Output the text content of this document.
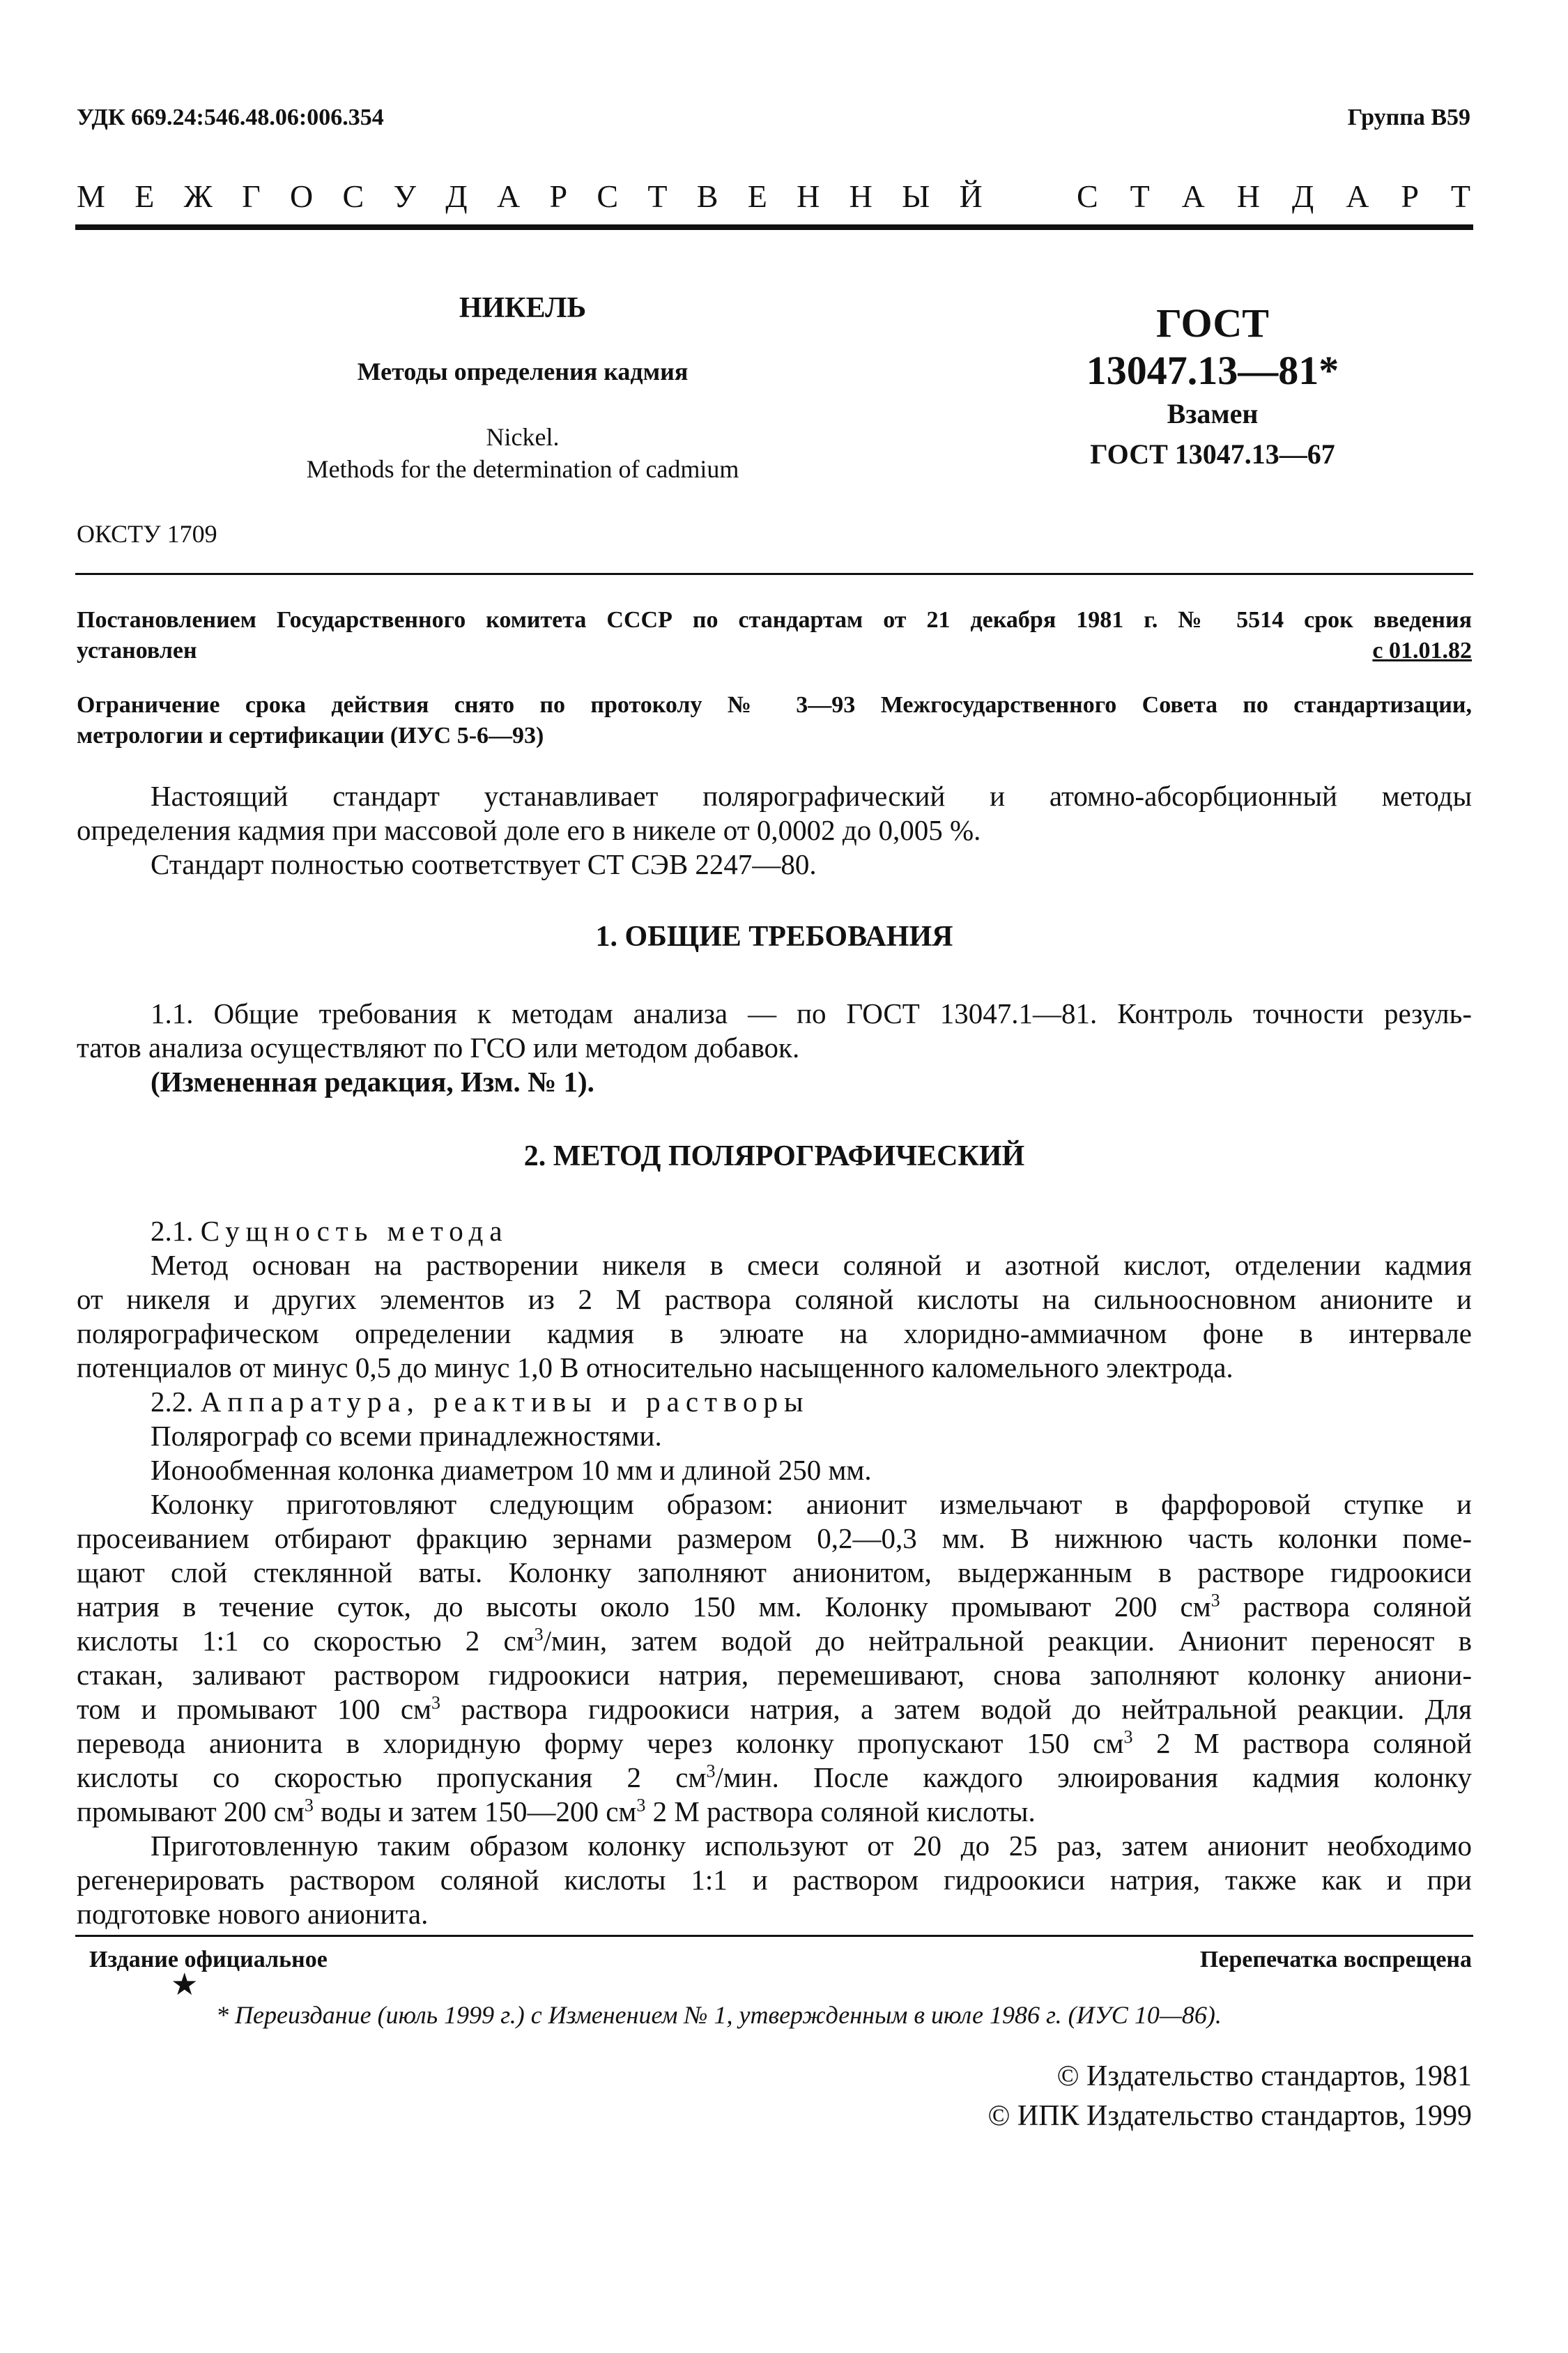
УДК 669.24:546.48.06:006.354	Группа B59
М Е Ж Г О С У Д А Р С Т В Е Н Н Ы Й	С Т А Н Д А Р Т
НИКЕЛЬ
Методы определения кадмия
Nickel.
Methods for the determination of cadmium
ОКСТУ 1709
ГОСТ
13047.13—81*
Взамен
ГОСТ 13047.13—67
Постановлением Государственного комитета СССР по стандартам от 21 декабря 1981 г. № 5514 срок введения
установлен	с 01.01.82
Ограничение срока действия снято по протоколу № 3—93 Межгосударственного Совета по стандартизации,
метрологии и сертификации (ИУС 5-6—93)
Настоящий стандарт устанавливает полярографический и атомно-абсорбционный методы
определения кадмия при массовой доле его в никеле от 0,0002 до 0,005 %.
Стандарт полностью соответствует СТ СЭВ 2247—80.
1. ОБЩИЕ ТРЕБОВАНИЯ
1.1. Общие требования к методам анализа — по ГОСТ 13047.1—81. Контроль точности резуль-
татов анализа осуществляют по ГСО или методом добавок.
(Измененная редакция, Изм. № 1).
2. МЕТОД ПОЛЯРОГРАФИЧЕСКИЙ
2.1. Сущность метода
Метод основан на растворении никеля в смеси соляной и азотной кислот, отделении кадмия
от никеля и других элементов из 2 М раствора соляной кислоты на сильноосновном анионите и
полярографическом определении кадмия в элюате на хлоридно-аммиачном фоне в интервале
потенциалов от минус 0,5 до минус 1,0 В относительно насыщенного каломельного электрода.
2.2. Аппаратура, реактивы и растворы
Полярограф со всеми принадлежностями.
Ионообменная колонка диаметром 10 мм и длиной 250 мм.
Колонку приготовляют следующим образом: анионит измельчают в фарфоровой ступке и
просеиванием отбирают фракцию зернами размером 0,2—0,3 мм. В нижнюю часть колонки поме-
щают слой стеклянной ваты. Колонку заполняют анионитом, выдержанным в растворе гидроокиси
натрия в течение суток, до высоты около 150 мм. Колонку промывают 200 $см^3$ раствора соляной
кислоты 1:1 со скоростью 2 $см^3$/мин, затем водой до нейтральной реакции. Анионит переносят в
стакан, заливают раствором гидроокиси натрия, перемешивают, снова заполняют колонку аниони-
том и промывают 100 $см^3$ раствора гидроокиси натрия, а затем водой до нейтральной реакции. Для
перевода анионита в хлоридную форму через колонку пропускают 150 $см^3$ 2 М раствора соляной
кислоты со скоростью пропускания 2 $см^3$/мин. После каждого элюирования кадмия колонку
промывают 200 $см^3$ воды и затем 150—200 $см^3$ 2 М раствора соляной кислоты.
Приготовленную таким образом колонку используют от 20 до 25 раз, затем анионит необходимо
регенерировать раствором соляной кислоты 1:1 и раствором гидроокиси натрия, также как и при
подготовке нового анионита.
Издание официальное	Перепечатка воспрещена
★
* Переиздание (июль 1999 г.) с Изменением № 1, утвержденным в июле 1986 г. (ИУС 10—86).
© Издательство стандартов, 1981
© ИПК Издательство стандартов, 1999
